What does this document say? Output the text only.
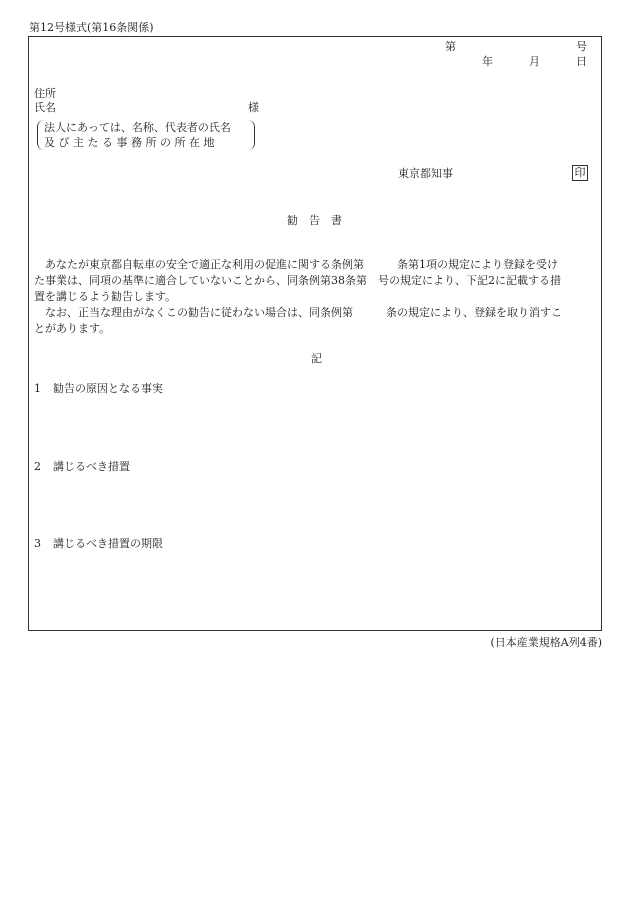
第12号様式(第16条関係)
第	号
年	月	日
住所
氏名	様
法人にあっては、名称、代表者の氏名
及 び 主 た る 事 務 所 の 所 在 地
東京都知事	印
勧　告　書
　あなたが東京都自転車の安全で適正な利用の促進に関する条例第　　　条第1項の規定により登録を受け
た事業は、同項の基準に適合していないことから、同条例第38条第　号の規定により、下記2に記載する措
置を講じるよう勧告します。
　なお、正当な理由がなくこの勧告に従わない場合は、同条例第　　　条の規定により、登録を取り消すこ
とがあります。
記
1 勧告の原因となる事実
2 講じるべき措置
3 講じるべき措置の期限
(日本産業規格A列4番)
